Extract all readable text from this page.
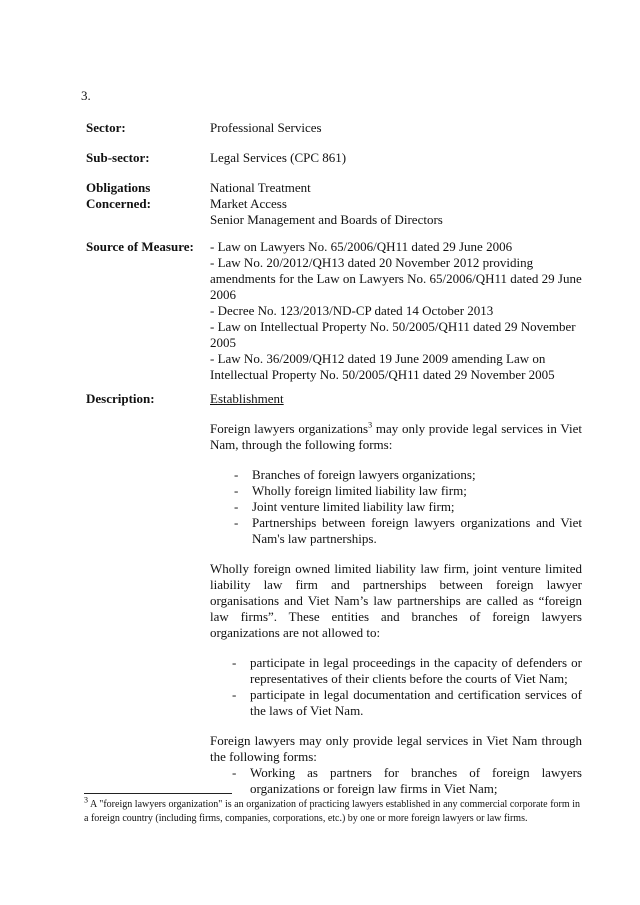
3.
Sector:	Professional Services
Sub-sector:	Legal Services (CPC 861)
Obligations
Concerned:
National Treatment
Market Access
Senior Management and Boards of Directors
Source of Measure:	- Law on Lawyers No. 65/2006/QH11 dated 29 June 2006
- Law No. 20/2012/QH13 dated 20 November 2012 providing amendments for the Law on Lawyers No. 65/2006/QH11 dated 29 June 2006
- Decree No. 123/2013/ND-CP dated 14 October 2013
- Law on Intellectual Property No. 50/2005/QH11 dated 29 November 2005
- Law No. 36/2009/QH12 dated 19 June 2009 amending Law on Intellectual Property No. 50/2005/QH11 dated 29 November 2005
Description:	Establishment
Foreign lawyers organizations$^3$ may only provide legal services in Viet Nam, through the following forms:
- Branches of foreign lawyers organizations;
- Wholly foreign limited liability law firm;
- Joint venture limited liability law firm;
- Partnerships between foreign lawyers organizations and Viet Nam's law partnerships.
Wholly foreign owned limited liability law firm, joint venture limited liability law firm and partnerships between foreign lawyer organisations and Viet Nam’s law partnerships are called as “foreign law firms”. These entities and branches of foreign lawyers organizations are not allowed to:
- participate in legal proceedings in the capacity of defenders or representatives of their clients before the courts of Viet Nam;
- participate in legal documentation and certification services of the laws of Viet Nam.
Foreign lawyers may only provide legal services in Viet Nam through the following forms:
- Working as partners for branches of foreign lawyers organizations or foreign law firms in Viet Nam;
$^3$ A "foreign lawyers organization" is an organization of practicing lawyers established in any commercial corporate form in a foreign country (including firms, companies, corporations, etc.) by one or more foreign lawyers or law firms.
